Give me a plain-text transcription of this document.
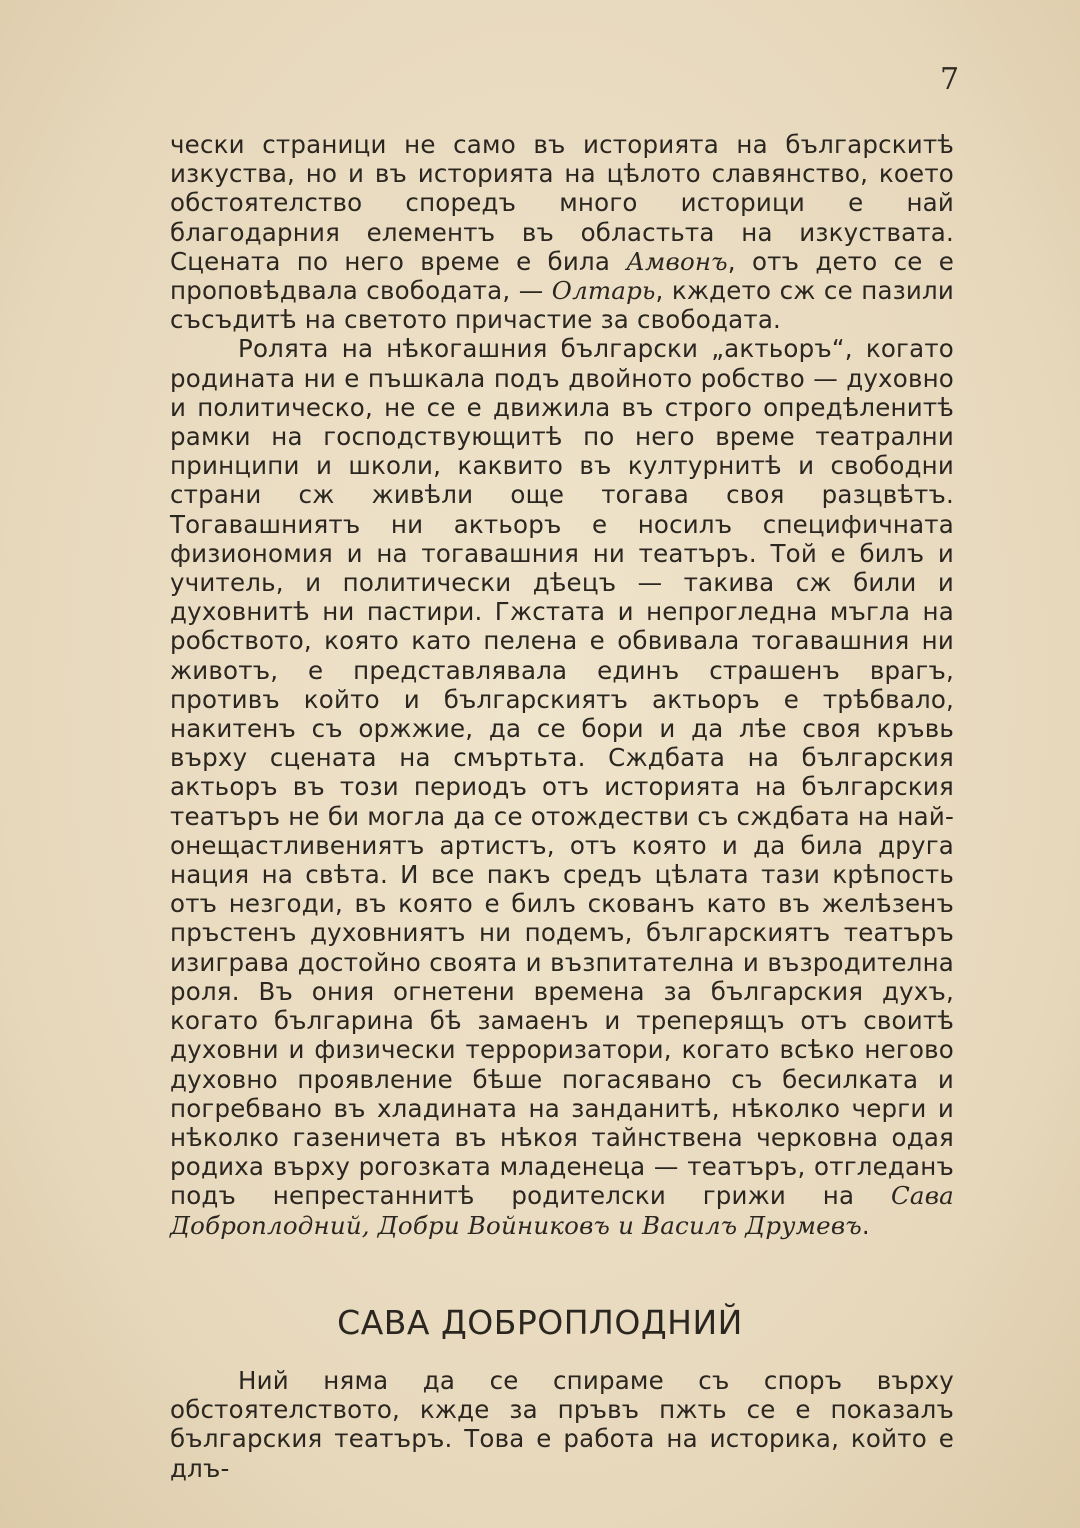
7

чески страници не само въ историята на българскитѣ изкуства, но и въ историята на цѣлото славянство, което обстоятелство споредъ много историци е най благодарния елементъ въ областьта на изкуствата. Сцената по него време е била Амвонъ, отъ дето се е проповѣдвала свободата, — Олтарь, кждето сж се пазили съсъдитѣ на светото причастие за свободата.

Ролята на нѣкогашния български „актьоръ“, когато родината ни е пъшкала подъ двойното робство — духовно и политическо, не се е движила въ строго опредѣленитѣ рамки на господствующитѣ по него време театрални принципи и школи, каквито въ културнитѣ и свободни страни сж живѣли още тогава своя разцвѣтъ. Тогавашниятъ ни актьоръ е носилъ специфичната физиономия и на тогавашния ни театъръ. Той е билъ и учитель, и политически дѣецъ — такива сж били и духовнитѣ ни пастири. Гжстата и непрогледна мъгла на робството, която като пелена е обвивала тогавашния ни животъ, е представлявала единъ страшенъ врагъ, противъ който и българскиятъ актьоръ е трѣбвало, накитенъ съ оржжие, да се бори и да лѣе своя кръвь върху сцената на смъртьта. Сждбата на българския актьоръ въ този периодъ отъ историята на българския театъръ не би могла да се отождестви съ сждбата на най-онещастливениятъ артистъ, отъ която и да била друга нация на свѣта. И все пакъ средъ цѣлата тази крѣпость отъ незгоди, въ която е билъ скованъ като въ желѣзенъ пръстенъ духовниятъ ни подемъ, българскиятъ театъръ изиграва достойно своята и възпитателна и възродителна роля. Въ ония огнетени времена за българския духъ, когато българина бѣ замаенъ и треперящъ отъ своитѣ духовни и физически терроризатори, когато всѣко негово духовно проявление бѣше погасявано съ бесилката и погребвано въ хладината на занданитѣ, нѣколко черги и нѣколко газеничета въ нѣкоя тайнствена черковна одая родиха върху рогозката младенеца — театъръ, отгледанъ подъ непрестаннитѣ родителски грижи на Сава Доброплодний, Добри Войниковъ и Василъ Друмевъ.

САВА ДОБРОПЛОДНИЙ

Ний няма да се спираме съ споръ върху обстоятелството, кжде за пръвъ пжть се е показалъ българския театъръ. Това е работа на историка, който е длъ-
